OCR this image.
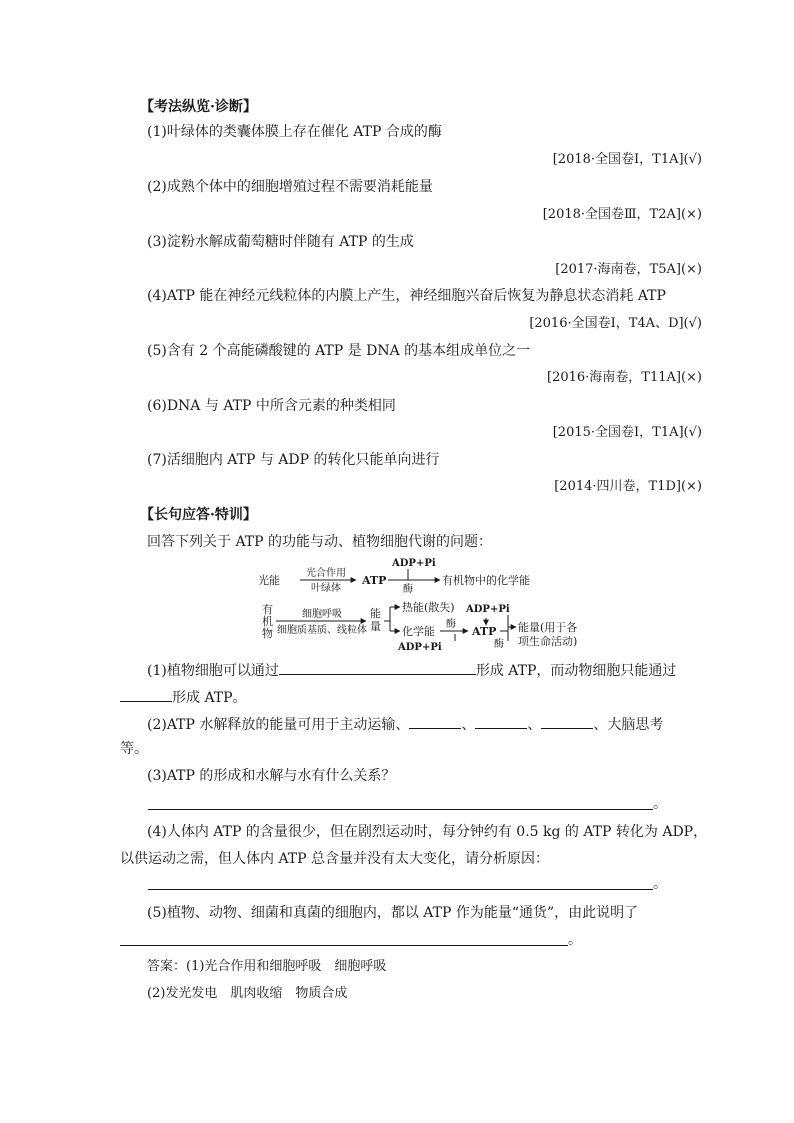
【考法纵览·诊断】
(1)叶绿体的类囊体膜上存在催化 ATP 合成的酶
[2018·全国卷Ⅰ，T1A](√)
(2)成熟个体中的细胞增殖过程不需要消耗能量
[2018·全国卷Ⅲ，T2A](×)
(3)淀粉水解成葡萄糖时伴随有 ATP 的生成
[2017·海南卷，T5A](×)
(4)ATP 能在神经元线粒体的内膜上产生，神经细胞兴奋后恢复为静息状态消耗 ATP
[2016·全国卷Ⅰ，T4A、D](√)
(5)含有 2 个高能磷酸键的 ATP 是 DNA 的基本组成单位之一
[2016·海南卷，T11A](×)
(6)DNA 与 ATP 中所含元素的种类相同
[2015·全国卷Ⅰ，T1A](√)
(7)活细胞内 ATP 与 ADP 的转化只能单向进行
[2014·四川卷，T1D](×)
【长句应答·特训】
回答下列关于 ATP 的功能与动、植物细胞代谢的问题：
光能
光合作用
叶绿体
ATP
ADP+Pi
酶
有机物中的化学能
有
机
物
细胞呼吸
细胞质基质、线粒体
能
量
热能(散失)
化学能
酶
ADP+Pi
ATP
ADP+Pi
酶
能量(用于各
项生命活动)
(1)植物细胞可以通过	形成 ATP，而动物细胞只能通过
形成 ATP。
(2)ATP 水解释放的能量可用于主动运输、	、	、	、大脑思考
等。
(3)ATP 的形成和水解与水有什么关系？
。
(4)人体内 ATP 的含量很少，但在剧烈运动时，每分钟约有 0.5 kg 的 ATP 转化为 ADP，
以供运动之需，但人体内 ATP 总含量并没有太大变化，请分析原因：
。
(5)植物、动物、细菌和真菌的细胞内，都以 ATP 作为能量“通货”，由此说明了
。
答案：(1)光合作用和细胞呼吸　细胞呼吸
(2)发光发电　肌肉收缩　物质合成
